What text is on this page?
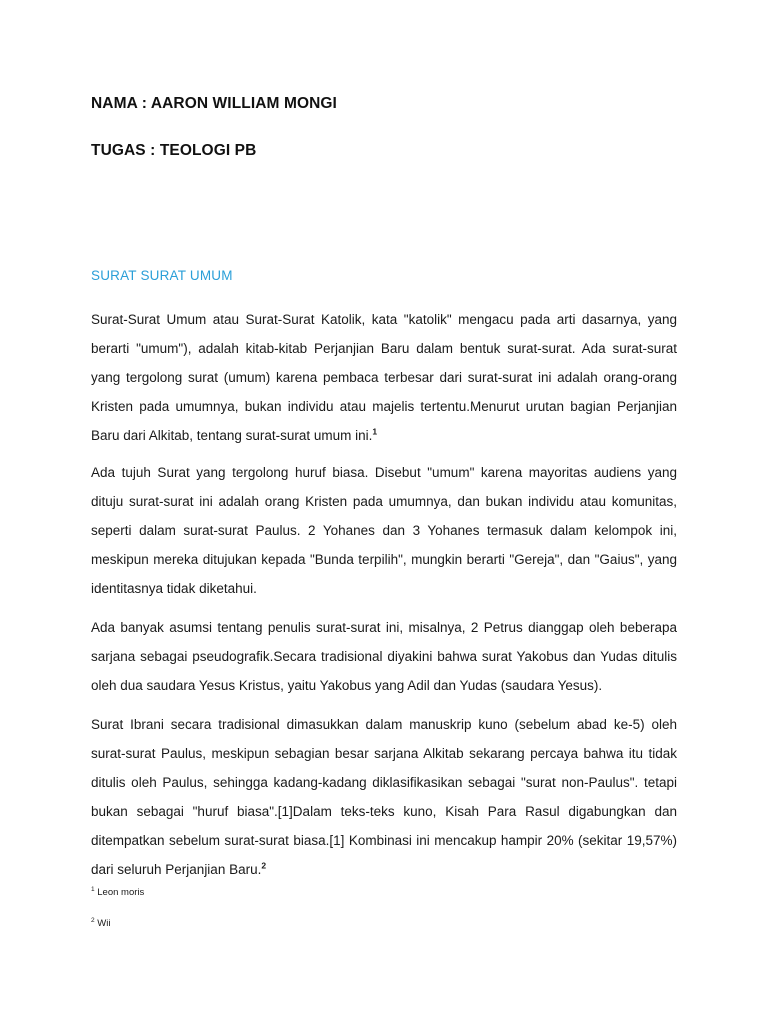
NAMA : AARON WILLIAM MONGI
TUGAS : TEOLOGI PB
SURAT SURAT UMUM

Surat-Surat Umum atau Surat-Surat Katolik, kata "katolik" mengacu pada arti dasarnya, yang berarti "umum"), adalah kitab-kitab Perjanjian Baru dalam bentuk surat-surat. Ada surat-surat yang tergolong surat (umum) karena pembaca terbesar dari surat-surat ini adalah orang-orang Kristen pada umumnya, bukan individu atau majelis tertentu.Menurut urutan bagian Perjanjian Baru dari Alkitab, tentang surat-surat umum ini.$^1$

Ada tujuh Surat yang tergolong huruf biasa. Disebut "umum" karena mayoritas audiens yang dituju surat-surat ini adalah orang Kristen pada umumnya, dan bukan individu atau komunitas, seperti dalam surat-surat Paulus. 2 Yohanes dan 3 Yohanes termasuk dalam kelompok ini, meskipun mereka ditujukan kepada "Bunda terpilih", mungkin berarti "Gereja", dan "Gaius", yang identitasnya tidak diketahui.

Ada banyak asumsi tentang penulis surat-surat ini, misalnya, 2 Petrus dianggap oleh beberapa sarjana sebagai pseudografik.Secara tradisional diyakini bahwa surat Yakobus dan Yudas ditulis oleh dua saudara Yesus Kristus, yaitu Yakobus yang Adil dan Yudas (saudara Yesus).

Surat Ibrani secara tradisional dimasukkan dalam manuskrip kuno (sebelum abad ke-5) oleh surat-surat Paulus, meskipun sebagian besar sarjana Alkitab sekarang percaya bahwa itu tidak ditulis oleh Paulus, sehingga kadang-kadang diklasifikasikan sebagai "surat non-Paulus". tetapi bukan sebagai "huruf biasa".[1]Dalam teks-teks kuno, Kisah Para Rasul digabungkan dan ditempatkan sebelum surat-surat biasa.[1] Kombinasi ini mencakup hampir 20% (sekitar 19,57%) dari seluruh Perjanjian Baru.$^2$

$^1$ Leon moris
$^2$ Wii
